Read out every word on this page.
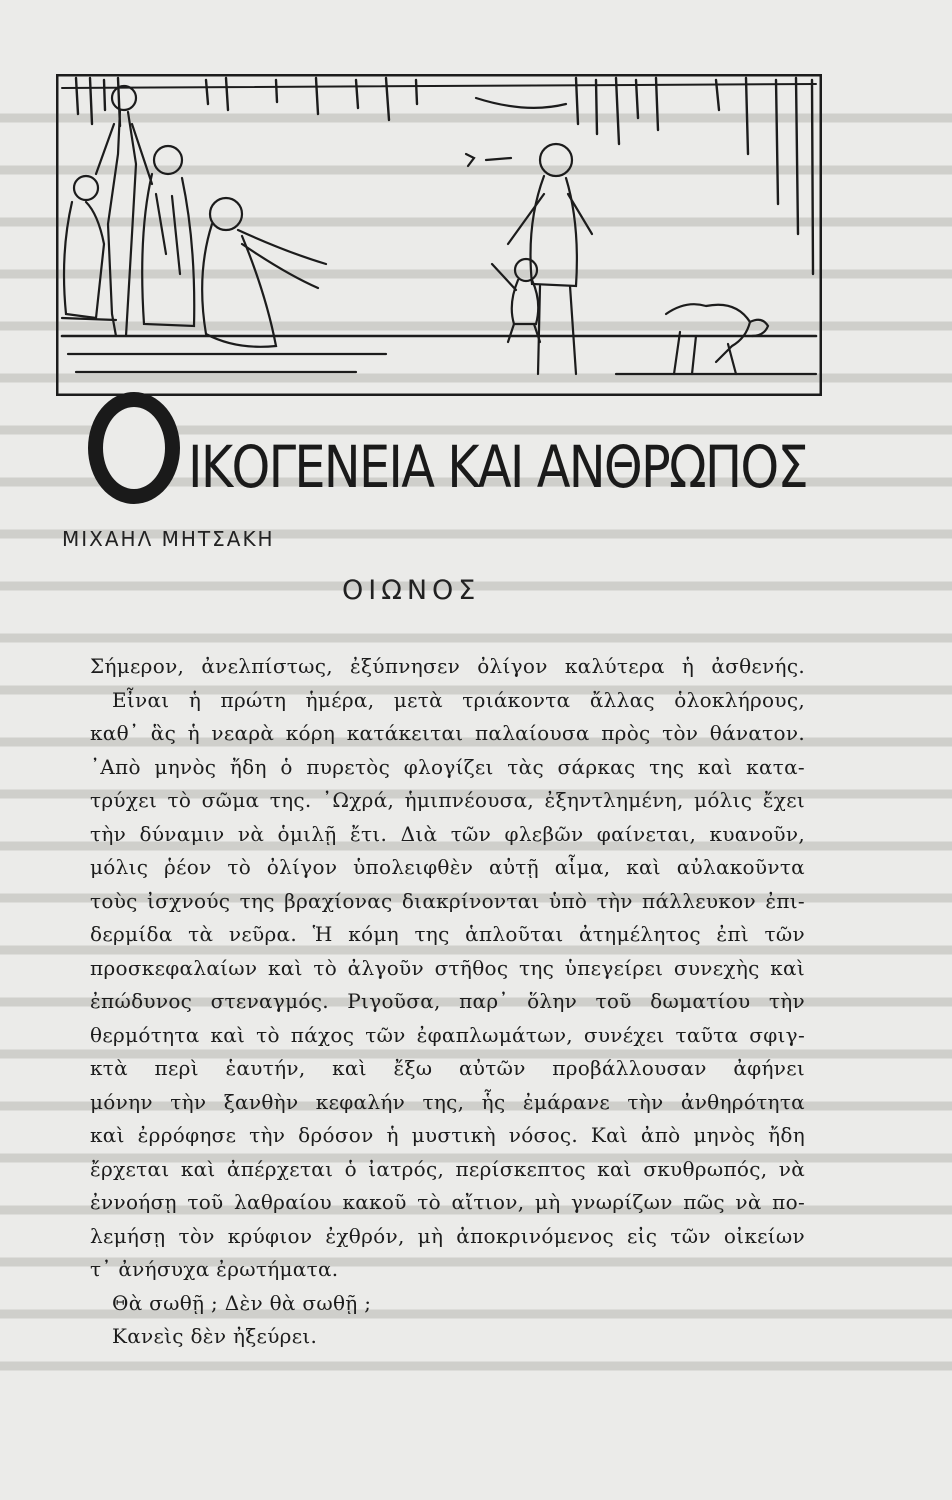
ΙΚΟΓΕΝΕΙΑ ΚΑΙ ΑΝΘΡΩΠΟΣ
ΜΙΧΑΗΛ ΜΗΤΣΑΚΗ
ΟΙΩΝΟΣ
Σήμερον, ἀνελπίστως, ἐξύπνησεν ὀλίγον καλύτερα ἡ ἀσθενής.
Εἶναι ἡ πρώτη ἡμέρα, μετὰ τριάκοντα ἄλλας ὁλοκλήρους,
καθ᾽ ἃς ἡ νεαρὰ κόρη κατάκειται παλαίουσα πρὸς τὸν θάνατον.
᾽Απὸ μηνὸς ἤδη ὁ πυρετὸς φλογίζει τὰς σάρκας της καὶ κατα-
τρύχει τὸ σῶμα της. ᾽Ωχρά, ἡμιπνέουσα, ἐξηντλημένη, μόλις ἔχει
τὴν δύναμιν νὰ ὁμιλῇ ἔτι. Διὰ τῶν φλεβῶν φαίνεται, κυανοῦν,
μόλις ῥέον τὸ ὀλίγον ὑπολειφθὲν αὐτῇ αἷμα, καὶ αὐλακοῦντα
τοὺς ἰσχνούς της βραχίονας διακρίνονται ὑπὸ τὴν πάλλευκον ἐπι-
δερμίδα τὰ νεῦρα. Ἡ κόμη της ἁπλοῦται ἀτημέλητος ἐπὶ τῶν
προσκεφαλαίων καὶ τὸ ἀλγοῦν στῆθος της ὑπεγείρει συνεχὴς καὶ
ἐπώδυνος στεναγμός. Ριγοῦσα, παρ᾽ ὅλην τοῦ δωματίου τὴν
θερμότητα καὶ τὸ πάχος τῶν ἐφαπλωμάτων, συνέχει ταῦτα σφιγ-
κτὰ περὶ ἑαυτήν, καὶ ἔξω αὐτῶν προβάλλουσαν ἀφήνει
μόνην τὴν ξανθὴν κεφαλήν της, ἧς ἐμάρανε τὴν ἀνθηρότητα
καὶ ἐρρόφησε τὴν δρόσον ἡ μυστικὴ νόσος. Καὶ ἀπὸ μηνὸς ἤδη
ἔρχεται καὶ ἀπέρχεται ὁ ἰατρός, περίσκεπτος καὶ σκυθρωπός, νὰ
ἐννοήσῃ τοῦ λαθραίου κακοῦ τὸ αἴτιον, μὴ γνωρίζων πῶς νὰ πο-
λεμήσῃ τὸν κρύφιον ἐχθρόν, μὴ ἀποκρινόμενος εἰς τῶν οἰκείων
τ᾽ ἀνήσυχα ἐρωτήματα.
Θὰ σωθῇ ; Δὲν θὰ σωθῇ ;
Κανεὶς δὲν ἠξεύρει.
